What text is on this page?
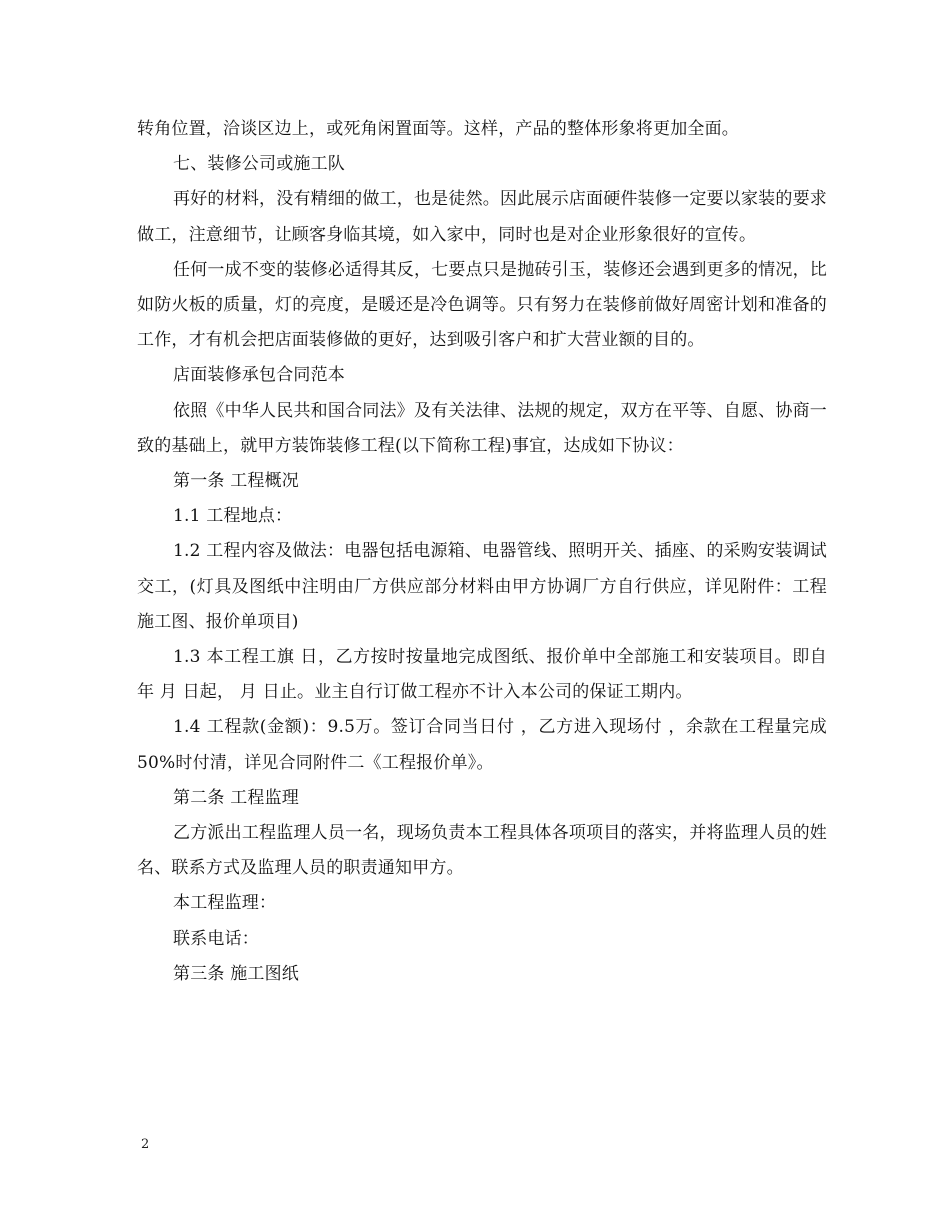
转角位置，洽谈区边上，或死角闲置面等。这样，产品的整体形象将更加全面。

七、装修公司或施工队

再好的材料，没有精细的做工，也是徒然。因此展示店面硬件装修一定要以家装的要求做工，注意细节，让顾客身临其境，如入家中，同时也是对企业形象很好的宣传。

任何一成不变的装修必适得其反，七要点只是抛砖引玉，装修还会遇到更多的情况，比如防火板的质量，灯的亮度，是暖还是冷色调等。只有努力在装修前做好周密计划和准备的工作，才有机会把店面装修做的更好，达到吸引客户和扩大营业额的目的。

店面装修承包合同范本

依照《中华人民共和国合同法》及有关法律、法规的规定，双方在平等、自愿、协商一致的基础上，就甲方装饰装修工程(以下简称工程)事宜，达成如下协议：

第一条 工程概况

1.1 工程地点：

1.2 工程内容及做法：电器包括电源箱、电器管线、照明开关、插座、的采购安装调试交工，(灯具及图纸中注明由厂方供应部分材料由甲方协调厂方自行供应，详见附件：工程施工图、报价单项目)

1.3 本工程工旗 日，乙方按时按量地完成图纸、报价单中全部施工和安装项目。即自 年 月 日起， 月 日止。业主自行订做工程亦不计入本公司的保证工期内。

1.4 工程款(金额)：9.5万。签订合同当日付 ，乙方进入现场付 ，余款在工程量完成50%时付清，详见合同附件二《工程报价单》。

第二条 工程监理

乙方派出工程监理人员一名，现场负责本工程具体各项项目的落实，并将监理人员的姓名、联系方式及监理人员的职责通知甲方。

本工程监理：

联系电话：

第三条 施工图纸

2
